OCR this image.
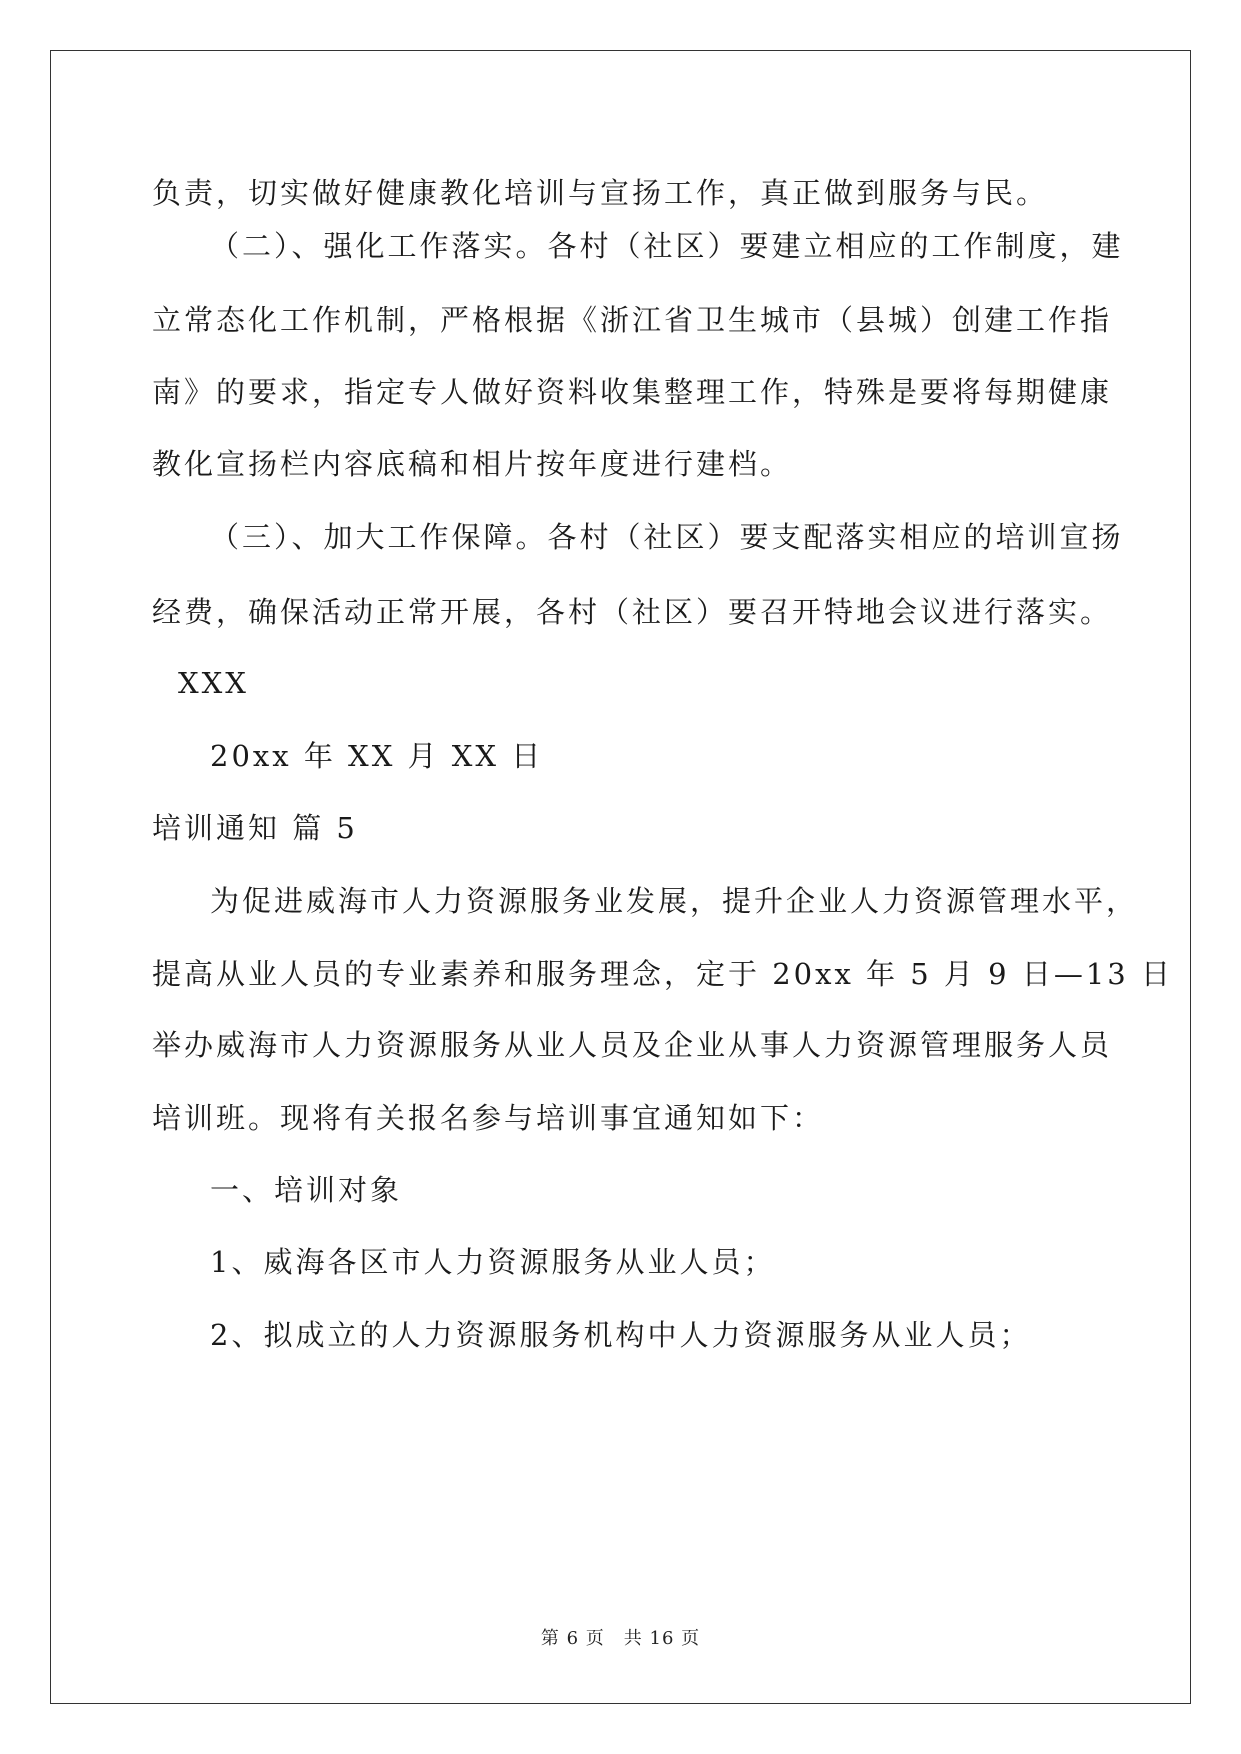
负责，切实做好健康教化培训与宣扬工作，真正做到服务与民。
（二）、强化工作落实。各村（社区）要建立相应的工作制度，建
立常态化工作机制，严格根据《浙江省卫生城市（县城）创建工作指
南》的要求，指定专人做好资料收集整理工作，特殊是要将每期健康
教化宣扬栏内容底稿和相片按年度进行建档。
（三）、加大工作保障。各村（社区）要支配落实相应的培训宣扬
经费，确保活动正常开展，各村（社区）要召开特地会议进行落实。
XXX
20xx 年 XX 月 XX 日
培训通知 篇 5
为促进威海市人力资源服务业发展，提升企业人力资源管理水平，
提高从业人员的专业素养和服务理念，定于 20xx 年 5 月 9 日—13 日
举办威海市人力资源服务从业人员及企业从事人力资源管理服务人员
培训班。现将有关报名参与培训事宜通知如下：
一、培训对象
1、威海各区市人力资源服务从业人员；
2、拟成立的人力资源服务机构中人力资源服务从业人员；
第 6 页　共 16 页
